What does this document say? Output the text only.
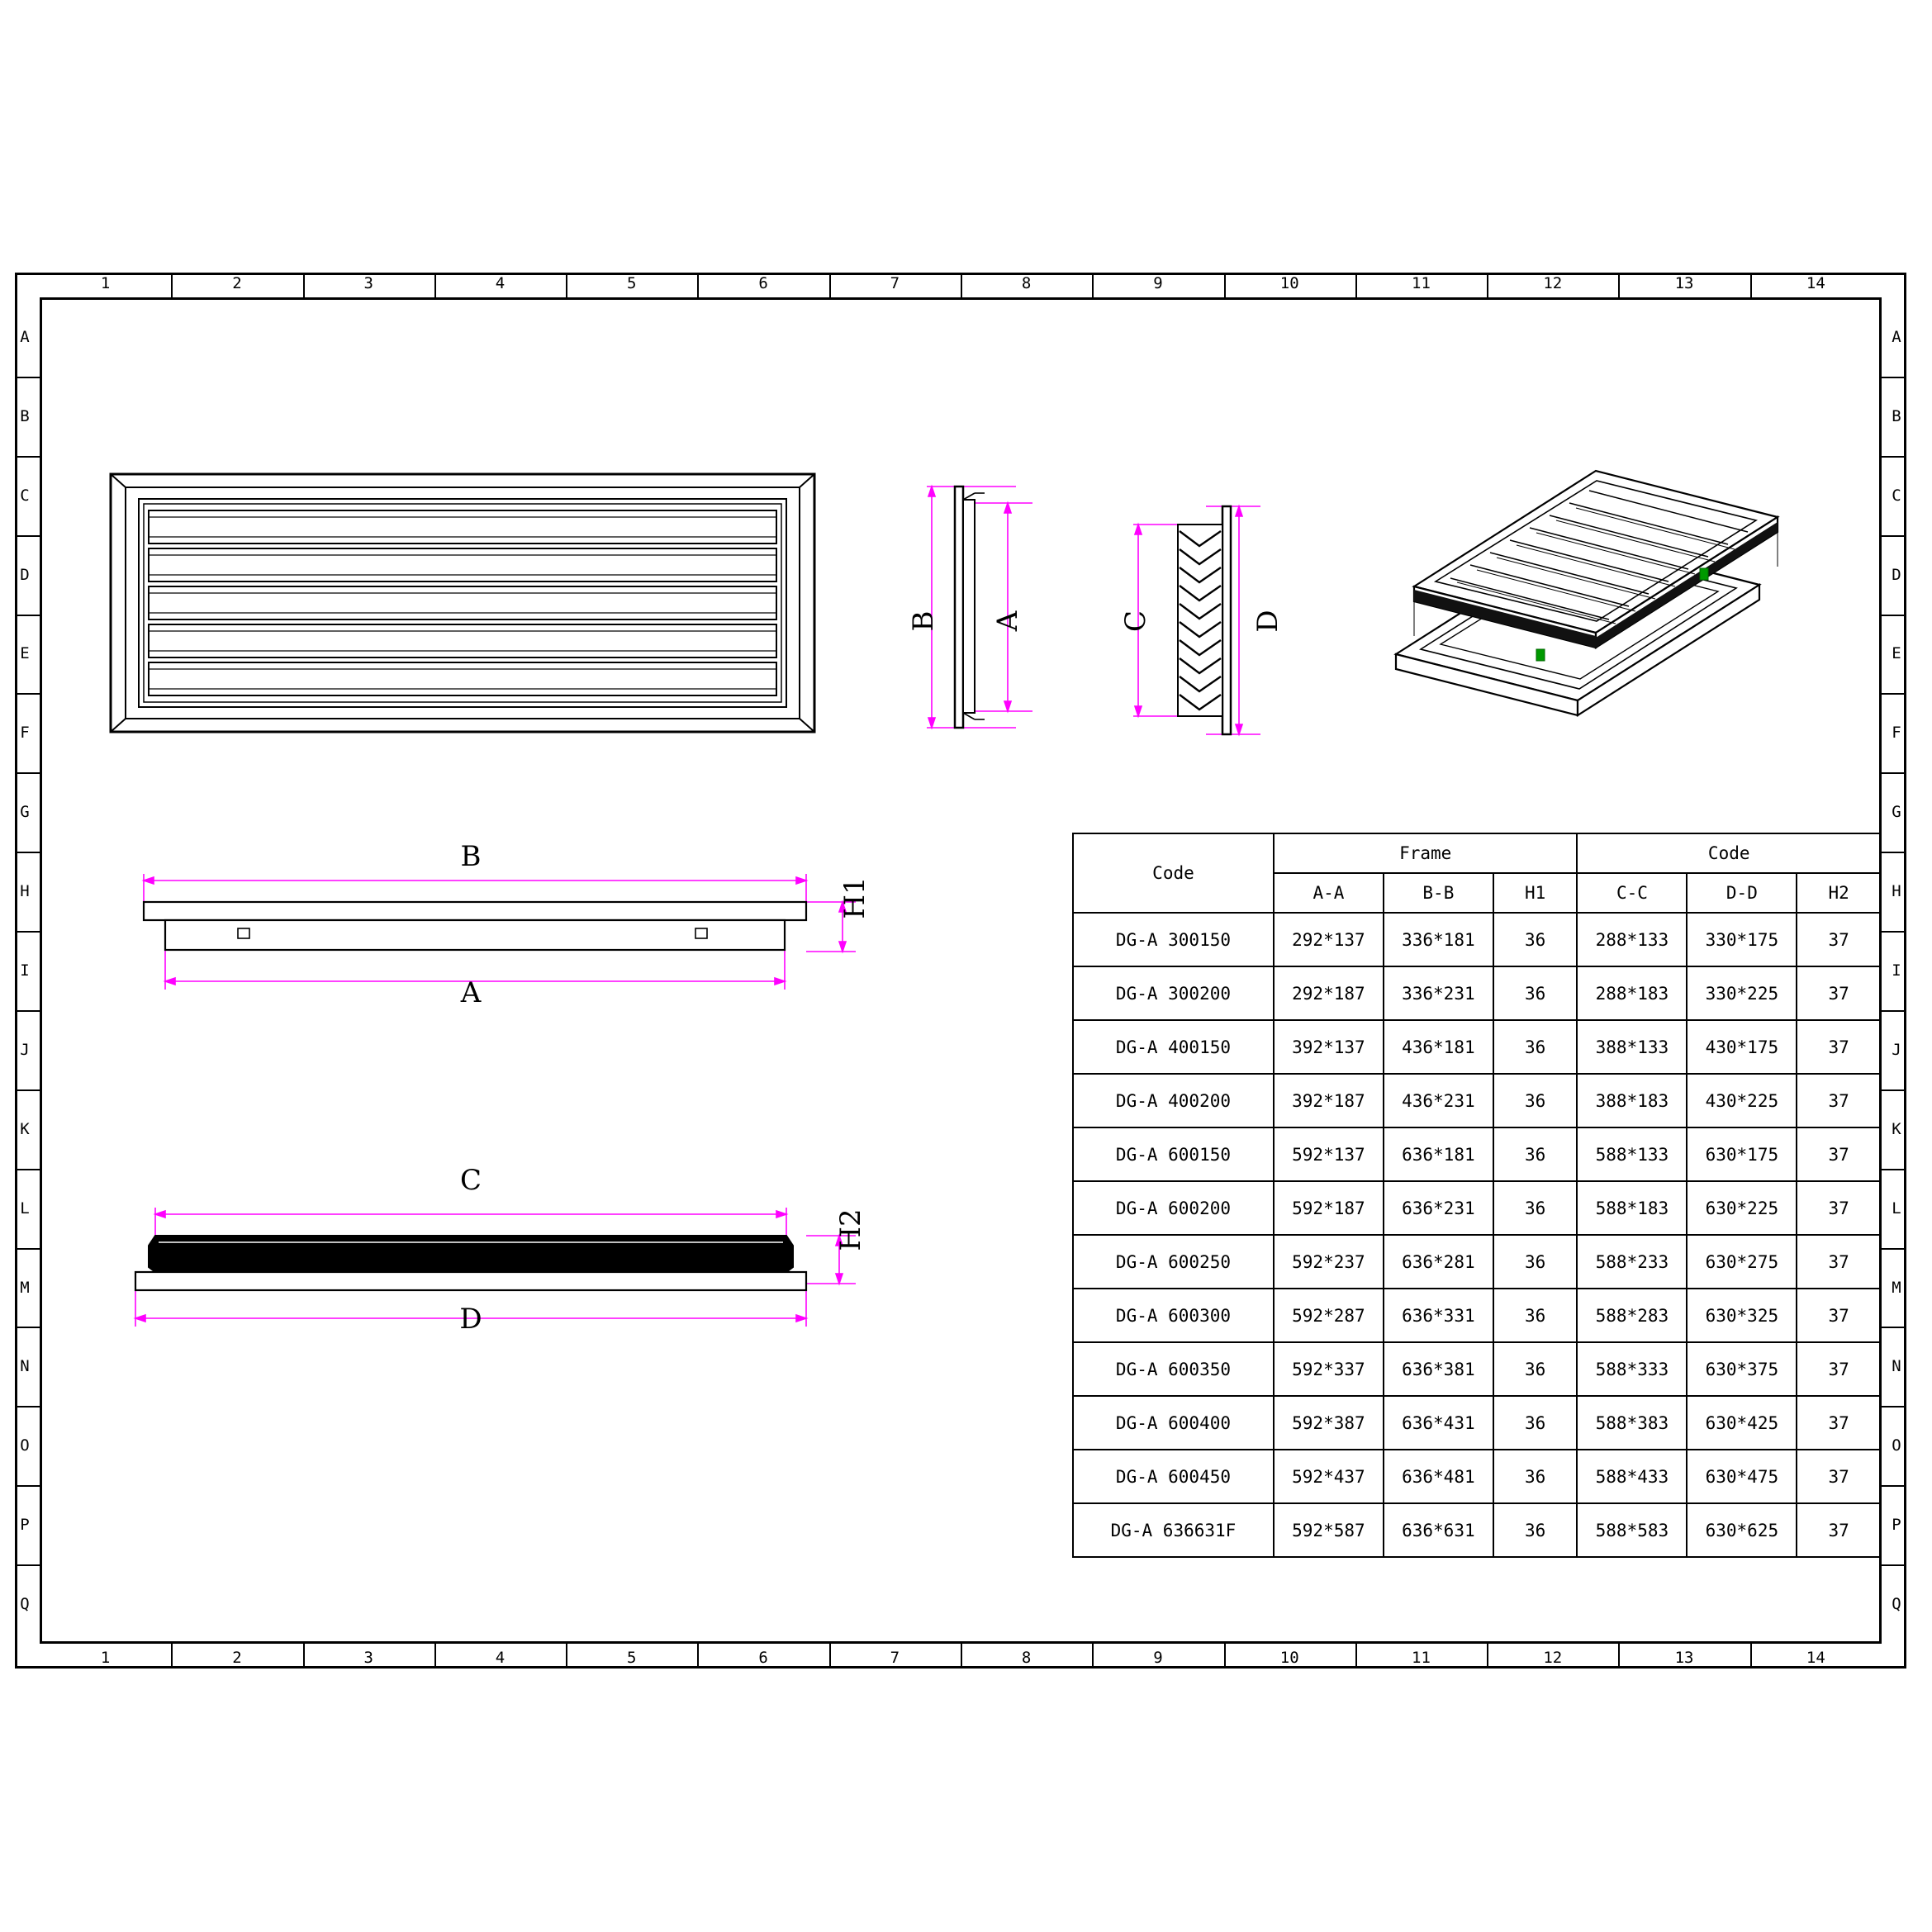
1
1
2
2
3
3
4
4
5
5
6
6
7
7
8
8
9
9
10
10
11
11
12
12
13
13
14
14
A	A
B	B
C	C
D	D
E	E
F	F
G	G
H	H
I	I
J	J
K	K
L	L
M	M
N	N
O	O
P	P
Q	Q
B A	C	D
B
A
H1
C
D
H2
Code	Frame			Code		
	A-A	B-B	H1	C-C	D-D	H2
DG-A 300150	292*137	336*181	36	288*133	330*175	37
DG-A 300200	292*187	336*231	36	288*183	330*225	37
DG-A 400150	392*137	436*181	36	388*133	430*175	37
DG-A 400200	392*187	436*231	36	388*183	430*225	37
DG-A 600150	592*137	636*181	36	588*133	630*175	37
DG-A 600200	592*187	636*231	36	588*183	630*225	37
DG-A 600250	592*237	636*281	36	588*233	630*275	37
DG-A 600300	592*287	636*331	36	588*283	630*325	37
DG-A 600350	592*337	636*381	36	588*333	630*375	37
DG-A 600400	592*387	636*431	36	588*383	630*425	37
DG-A 600450	592*437	636*481	36	588*433	630*475	37
DG-A 636631F	592*587	636*631	36	588*583	630*625	37
